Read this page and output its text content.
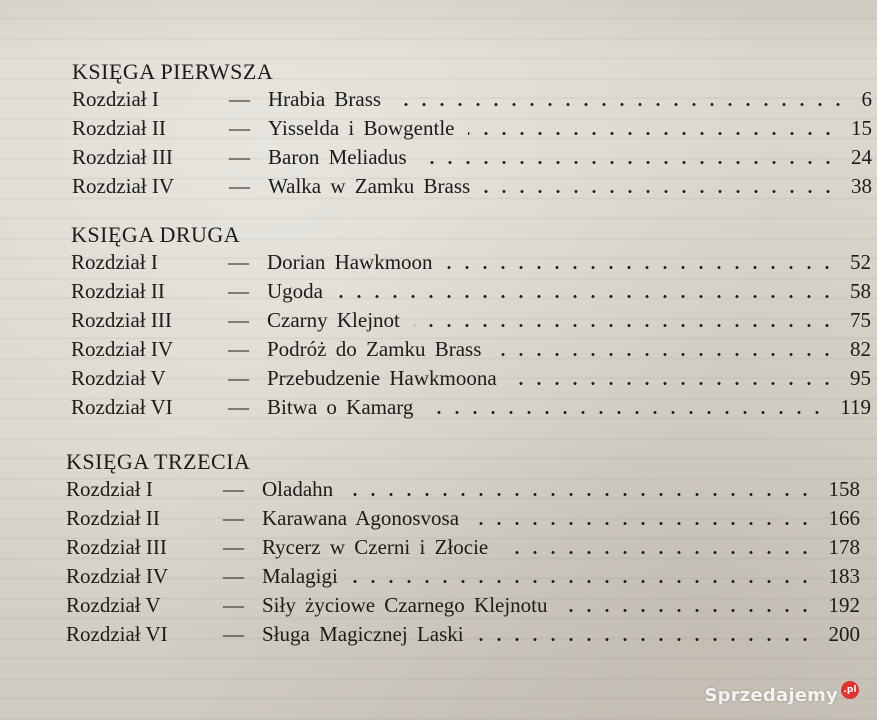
KSIĘGA PIERWSZA
Rozdział I	— Hrabia Brass	6
Rozdział II	— Yisselda i Bowgentle	15
Rozdział III	— Baron Meliadus	24
Rozdział IV	— Walka w Zamku Brass	38
KSIĘGA DRUGA
Rozdział I	— Dorian Hawkmoon	52
Rozdział II	— Ugoda	58
Rozdział III	— Czarny Klejnot	75
Rozdział IV	— Podróż do Zamku Brass	82
Rozdział V	— Przebudzenie Hawkmoona	95
Rozdział VI	— Bitwa o Kamarg	119
KSIĘGA TRZECIA
Rozdział I	— Oladahn	158
Rozdział II	— Karawana Agonosvosa	166
Rozdział III	— Rycerz w Czerni i Złocie	178
Rozdział IV	— Malagigi	183
Rozdział V	— Siły życiowe Czarnego Klejnotu	192
Rozdział VI	— Sługa Magicznej Laski	200
Sprzedajemy .pl
